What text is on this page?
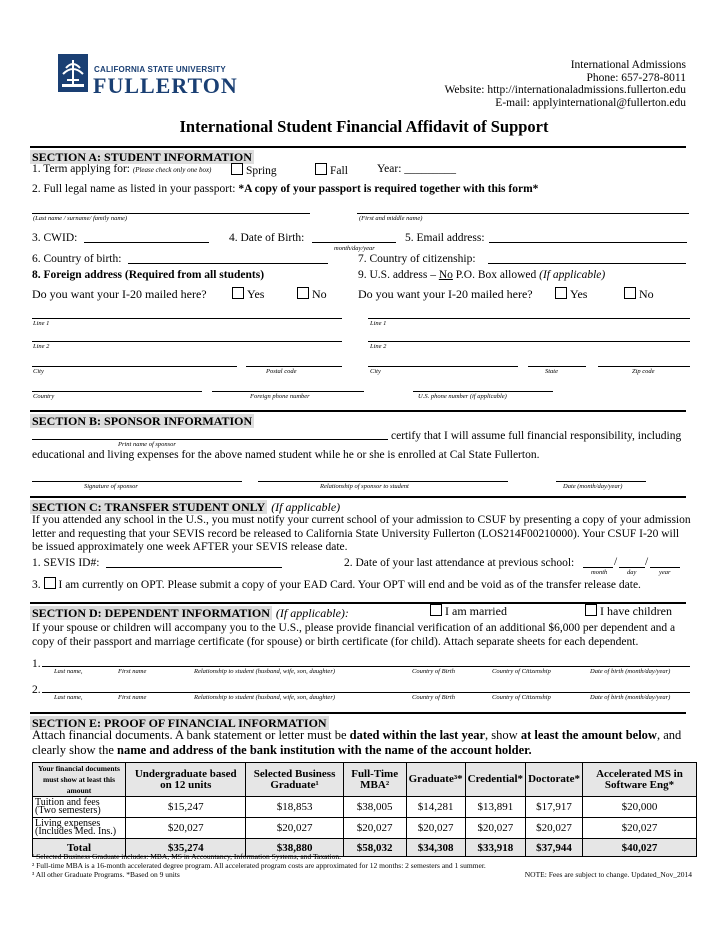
CALIFORNIA STATE UNIVERSITY
FULLERTON
International Admissions
Phone: 657-278-8011
Website: http://internationaladmissions.fullerton.edu
E-mail: applyinternational@fullerton.edu
International Student Financial Affidavit of Support
SECTION A: STUDENT INFORMATION
1. Term applying for: (Please check only one box)	Spring	Fall	Year: _________
2. Full legal name as listed in your passport: *A copy of your passport is required together with this form*
(Last name / surname/ family name)	(First and middle name)
3. CWID:	4. Date of Birth:
month/day/year
5. Email address:
6. Country of birth:	7. Country of citizenship:
8. Foreign address (Required from all students)	9. U.S. address – No P.O. Box allowed (If applicable)
Do you want your I-20 mailed here?	Yes	No	Do you want your I-20 mailed here?	Yes	No
Line 1	Line 1
Line 2	Line 2
City	Postal code	City	State	Zip code
Country	Foreign phone number	U.S. phone number (if applicable)
SECTION B: SPONSOR INFORMATION
Print name of sponsor
certify that I will assume full financial responsibility, including
educational and living expenses for the above named student while he or she is enrolled at Cal State Fullerton.
Signature of sponsor	Relationship of sponsor to student	Date (month/day/year)
SECTION C: TRANSFER STUDENT ONLY (If applicable)
If you attended any school in the U.S., you must notify your current school of your admission to CSUF by presenting a copy of your admission letter and requesting that your SEVIS record be released to California State University Fullerton (LOS214F00210000). Your CSUF I-20 will be issued approximately one week AFTER your SEVIS release date.
1. SEVIS ID#:	2. Date of your last attendance at previous school:	/ /
month	day	year
3. I am currently on OPT. Please submit a copy of your EAD Card. Your OPT will end and be void as of the transfer release date.
SECTION D: DEPENDENT INFORMATION (If applicable):	I am married	I have children
If your spouse or children will accompany you to the U.S., please provide financial verification of an additional $6,000 per dependent and a copy of their passport and marriage certificate (for spouse) or birth certificate (for child). Attach separate sheets for each dependent.
1.
Last name,	First name	Relationship to student (husband, wife, son, daughter)	Country of Birth	Country of Citizenship	Date of birth (month/day/year)
2.
Last name,	First name	Relationship to student (husband, wife, son, daughter)	Country of Birth	Country of Citizenship	Date of birth (month/day/year)
SECTION E: PROOF OF FINANCIAL INFORMATION
Attach financial documents. A bank statement or letter must be dated within the last year, show at least the amount below, and clearly show the name and address of the bank institution with the name of the account holder.
Your financial documents must show at least this amount	Undergraduate based on 12 units	Selected Business Graduate¹	Full-Time MBA²	Graduate³*	Credential*	Doctorate*	Accelerated MS in Software Eng*
Tuition and fees (Two semesters)	$15,247	$18,853	$38,005	$14,281	$13,891	$17,917	$20,000
Living expenses (Includes Med. Ins.)	$20,027	$20,027	$20,027	$20,027	$20,027	$20,027	$20,027
Total	$35,274	$38,880	$58,032	$34,308	$33,918	$37,944	$40,027
¹ Selected Business Graduate includes: MBA, MS in Accountancy, Information Systems, and Taxation.
² Full-time MBA is a 16-month accelerated degree program. All accelerated program costs are approximated for 12 months: 2 semesters and 1 summer.
³ All other Graduate Programs. *Based on 9 units	NOTE: Fees are subject to change. Updated_Nov_2014
